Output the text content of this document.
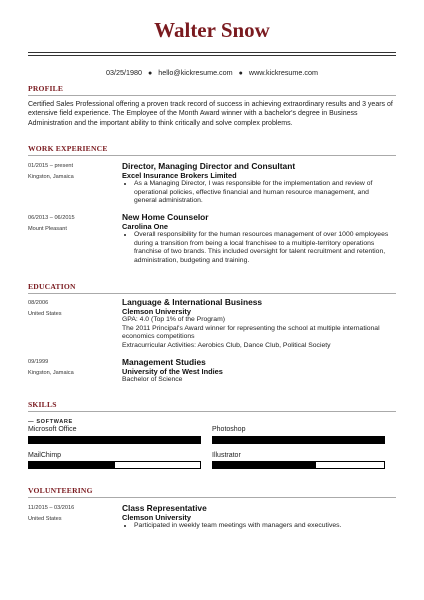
Walter Snow
03/25/1980 ● hello@kickresume.com ● www.kickresume.com
PROFILE
Certified Sales Professional offering a proven track record of success in achieving extraordinary results and 3 years of extensive field experience. The Employee of the Month Award winner with a bachelor's degree in Business Administration and the important ability to think critically and solve complex problems.
WORK EXPERIENCE
01/2015 – present
Kingston, Jamaica
Director, Managing Director and Consultant
Excel Insurance Brokers Limited
• As a Managing Director, I was responsible for the implementation and review of operational policies, effective financial and human resource management, and general administration.
06/2013 – 06/2015
Mount Pleasant
New Home Counselor
Carolina One
• Overall responsibility for the human resources management of over 1000 employees during a transition from being a local franchisee to a multiple-territory operations franchise of two brands. This included oversight for talent recruitment and retention, administration, budgeting and training.
EDUCATION
08/2006
United States
Language & International Business
Clemson University
GPA: 4.0 (Top 1% of the Program)
The 2011 Principal's Award winner for representing the school at multiple international economics competitions
Extracurricular Activities: Aerobics Club, Dance Club, Political Society
09/1999
Kingston, Jamaica
Management Studies
University of the West Indies
Bachelor of Science
SKILLS
— SOFTWARE
Microsoft Office	Photoshop
MailChimp	Illustrator
VOLUNTEERING
11/2015 – 03/2016
United States
Class Representative
Clemson University
• Participated in weekly team meetings with managers and executives.
